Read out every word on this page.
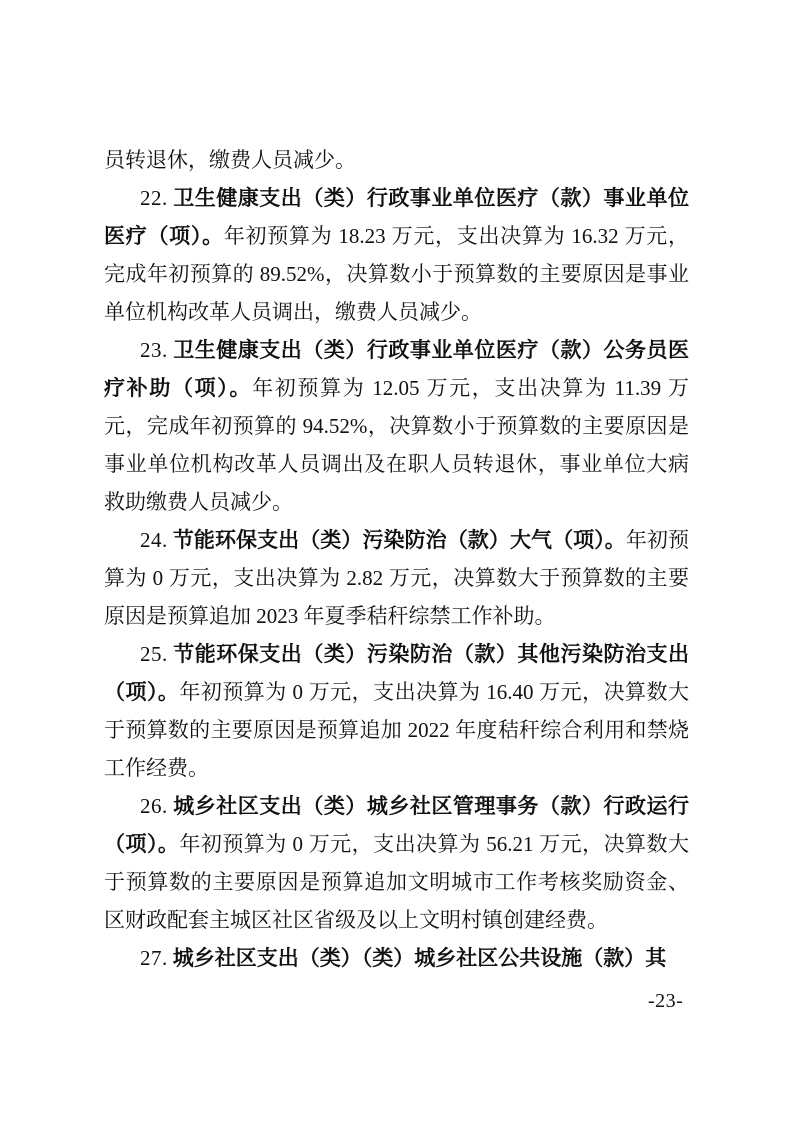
员转退休，缴费人员减少。

22. 卫生健康支出（类）行政事业单位医疗（款）事业单位医疗（项）。年初预算为 18.23 万元，支出决算为 16.32 万元，完成年初预算的 89.52%，决算数小于预算数的主要原因是事业单位机构改革人员调出，缴费人员减少。

23. 卫生健康支出（类）行政事业单位医疗（款）公务员医疗补助（项）。年初预算为 12.05 万元，支出决算为 11.39 万元，完成年初预算的 94.52%，决算数小于预算数的主要原因是事业单位机构改革人员调出及在职人员转退休，事业单位大病救助缴费人员减少。

24. 节能环保支出（类）污染防治（款）大气（项）。年初预算为 0 万元，支出决算为 2.82 万元，决算数大于预算数的主要原因是预算追加 2023 年夏季秸秆综禁工作补助。

25. 节能环保支出（类）污染防治（款）其他污染防治支出（项）。年初预算为 0 万元，支出决算为 16.40 万元，决算数大于预算数的主要原因是预算追加 2022 年度秸秆综合利用和禁烧工作经费。

26. 城乡社区支出（类）城乡社区管理事务（款）行政运行（项）。年初预算为 0 万元，支出决算为 56.21 万元，决算数大于预算数的主要原因是预算追加文明城市工作考核奖励资金、区财政配套主城区社区省级及以上文明村镇创建经费。

27. 城乡社区支出（类）（类）城乡社区公共设施（款）其

-23-
